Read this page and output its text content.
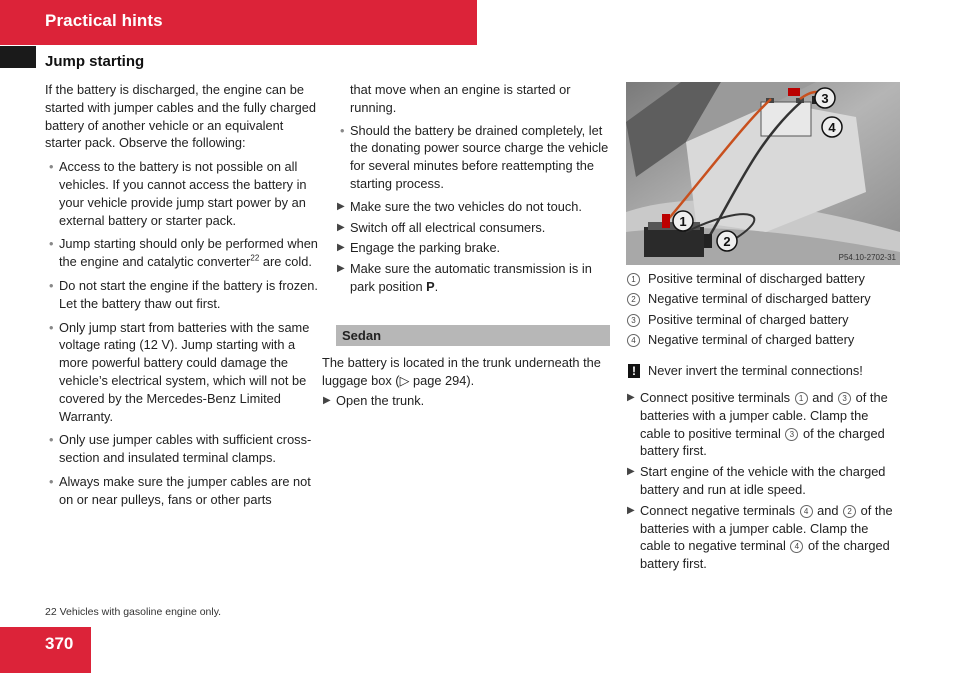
Practical hints
Jump starting

If the battery is discharged, the engine can be started with jumper cables and the fully charged battery of another vehicle or an equivalent starter pack. Observe the following:

• Access to the battery is not possible on all vehicles. If you cannot access the battery in your vehicle provide jump start power by an external battery or starter pack.
• Jump starting should only be performed when the engine and catalytic converter$^{22}$ are cold.
• Do not start the engine if the battery is frozen. Let the battery thaw out first.
• Only jump start from batteries with the same voltage rating (12 V). Jump starting with a more powerful battery could damage the vehicle’s electrical system, which will not be covered by the Mercedes-Benz Limited Warranty.
• Only use jumper cables with sufficient cross-section and insulated terminal clamps.
• Always make sure the jumper cables are not on or near pulleys, fans or other parts

that move when an engine is started or running.

• Should the battery be drained completely, let the donating power source charge the vehicle for several minutes before reattempting the starting process.
▶ Make sure the two vehicles do not touch.
▶ Switch off all electrical consumers.
▶ Engage the parking brake.
▶ Make sure the automatic transmission is in park position P.
Sedan

The battery is located in the trunk underneath the luggage box (▷ page 294).

▶ Open the trunk.
1
2
3
4
P54.10-2702-31
1 Positive terminal of discharged battery
2 Negative terminal of discharged battery
3 Positive terminal of charged battery
4 Negative terminal of charged battery
! Never invert the terminal connections!
▶ Connect positive terminals 1 and 3 of the batteries with a jumper cable. Clamp the cable to positive terminal 3 of the charged battery first.
▶ Start engine of the vehicle with the charged battery and run at idle speed.
▶ Connect negative terminals 4 and 2 of the batteries with a jumper cable. Clamp the cable to negative terminal 4 of the charged battery first.
22 Vehicles with gasoline engine only.
370
